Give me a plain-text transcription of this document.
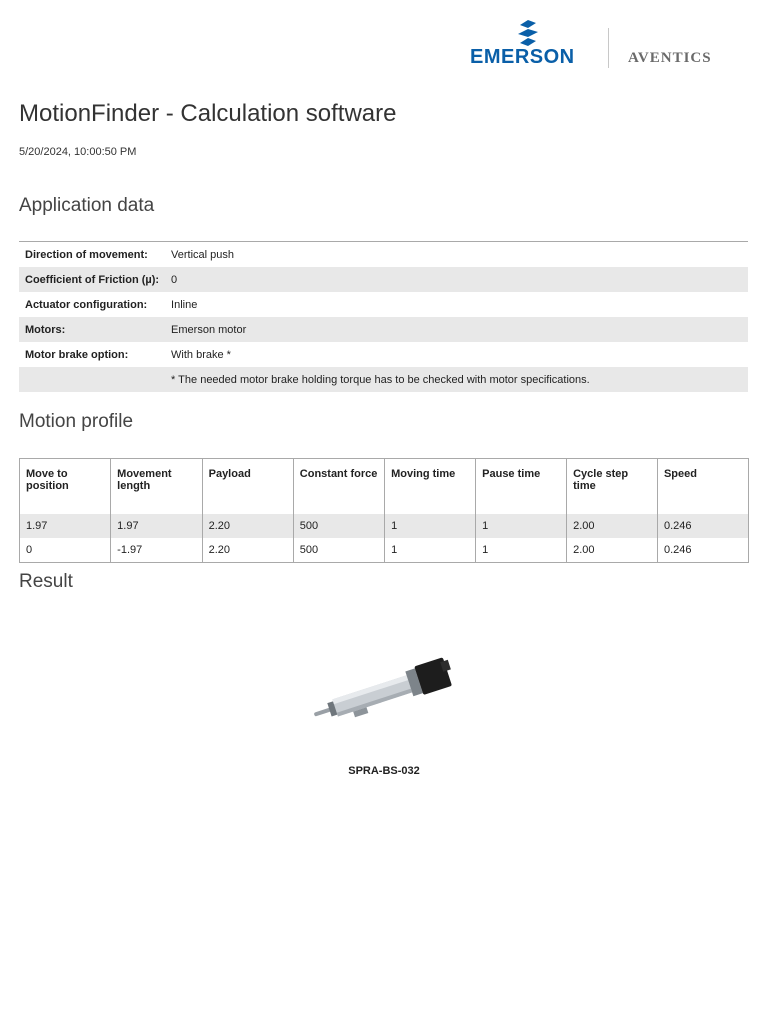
EMERSON	AVENTICS
MotionFinder - Calculation software
5/20/2024, 10:00:50 PM
Application data
Direction of movement:	Vertical push
Coefficient of Friction (µ):	0
Actuator configuration:	Inline
Motors:	Emerson motor
Motor brake option:	With brake *
	* The needed motor brake holding torque has to be checked with motor specifications.
Motion profile
Move to position	Movement length	Payload	Constant force	Moving time	Pause time	Cycle step time	Speed
1.97	1.97	2.20	500	1	1	2.00	0.246
0	-1.97	2.20	500	1	1	2.00	0.246
Result
SPRA-BS-032
